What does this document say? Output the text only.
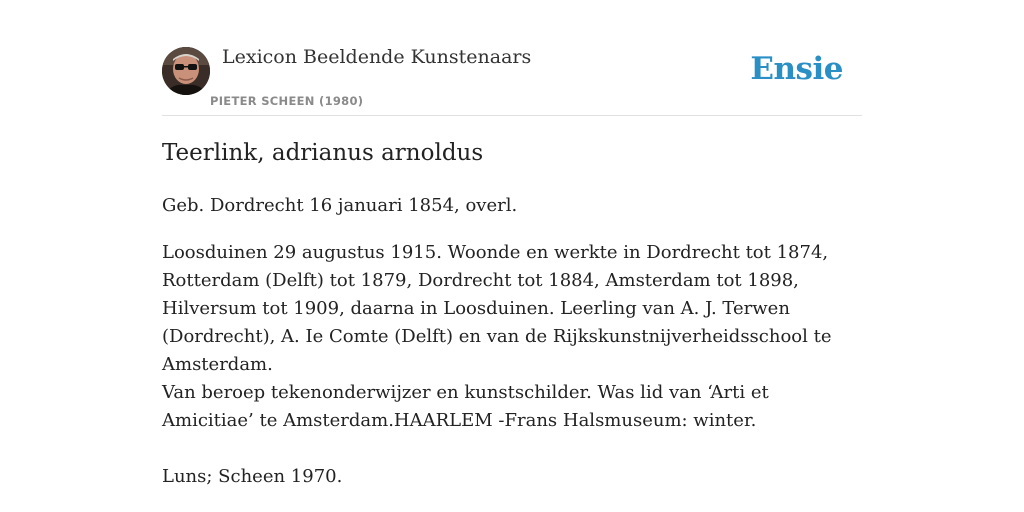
Lexicon Beeldende Kunstenaars
PIETER SCHEEN (1980)
Ensie
Teerlink, adrianus arnoldus

Geb. Dordrecht 16 januari 1854, overl.

Loosduinen 29 augustus 1915. Woonde en werkte in Dordrecht tot 1874, Rotterdam (Delft) tot 1879, Dordrecht tot 1884, Amsterdam tot 1898, Hilversum tot 1909, daarna in Loosduinen. Leerling van A. J. Terwen (Dordrecht), A. Ie Comte (Delft) en van de Rijkskunstnijverheidsschool te Amsterdam.

Van beroep tekenonderwijzer en kunstschilder. Was lid van ‘Arti et Amicitiae’ te Amsterdam.HAARLEM -Frans Halsmuseum: winter.

Luns; Scheen 1970.
